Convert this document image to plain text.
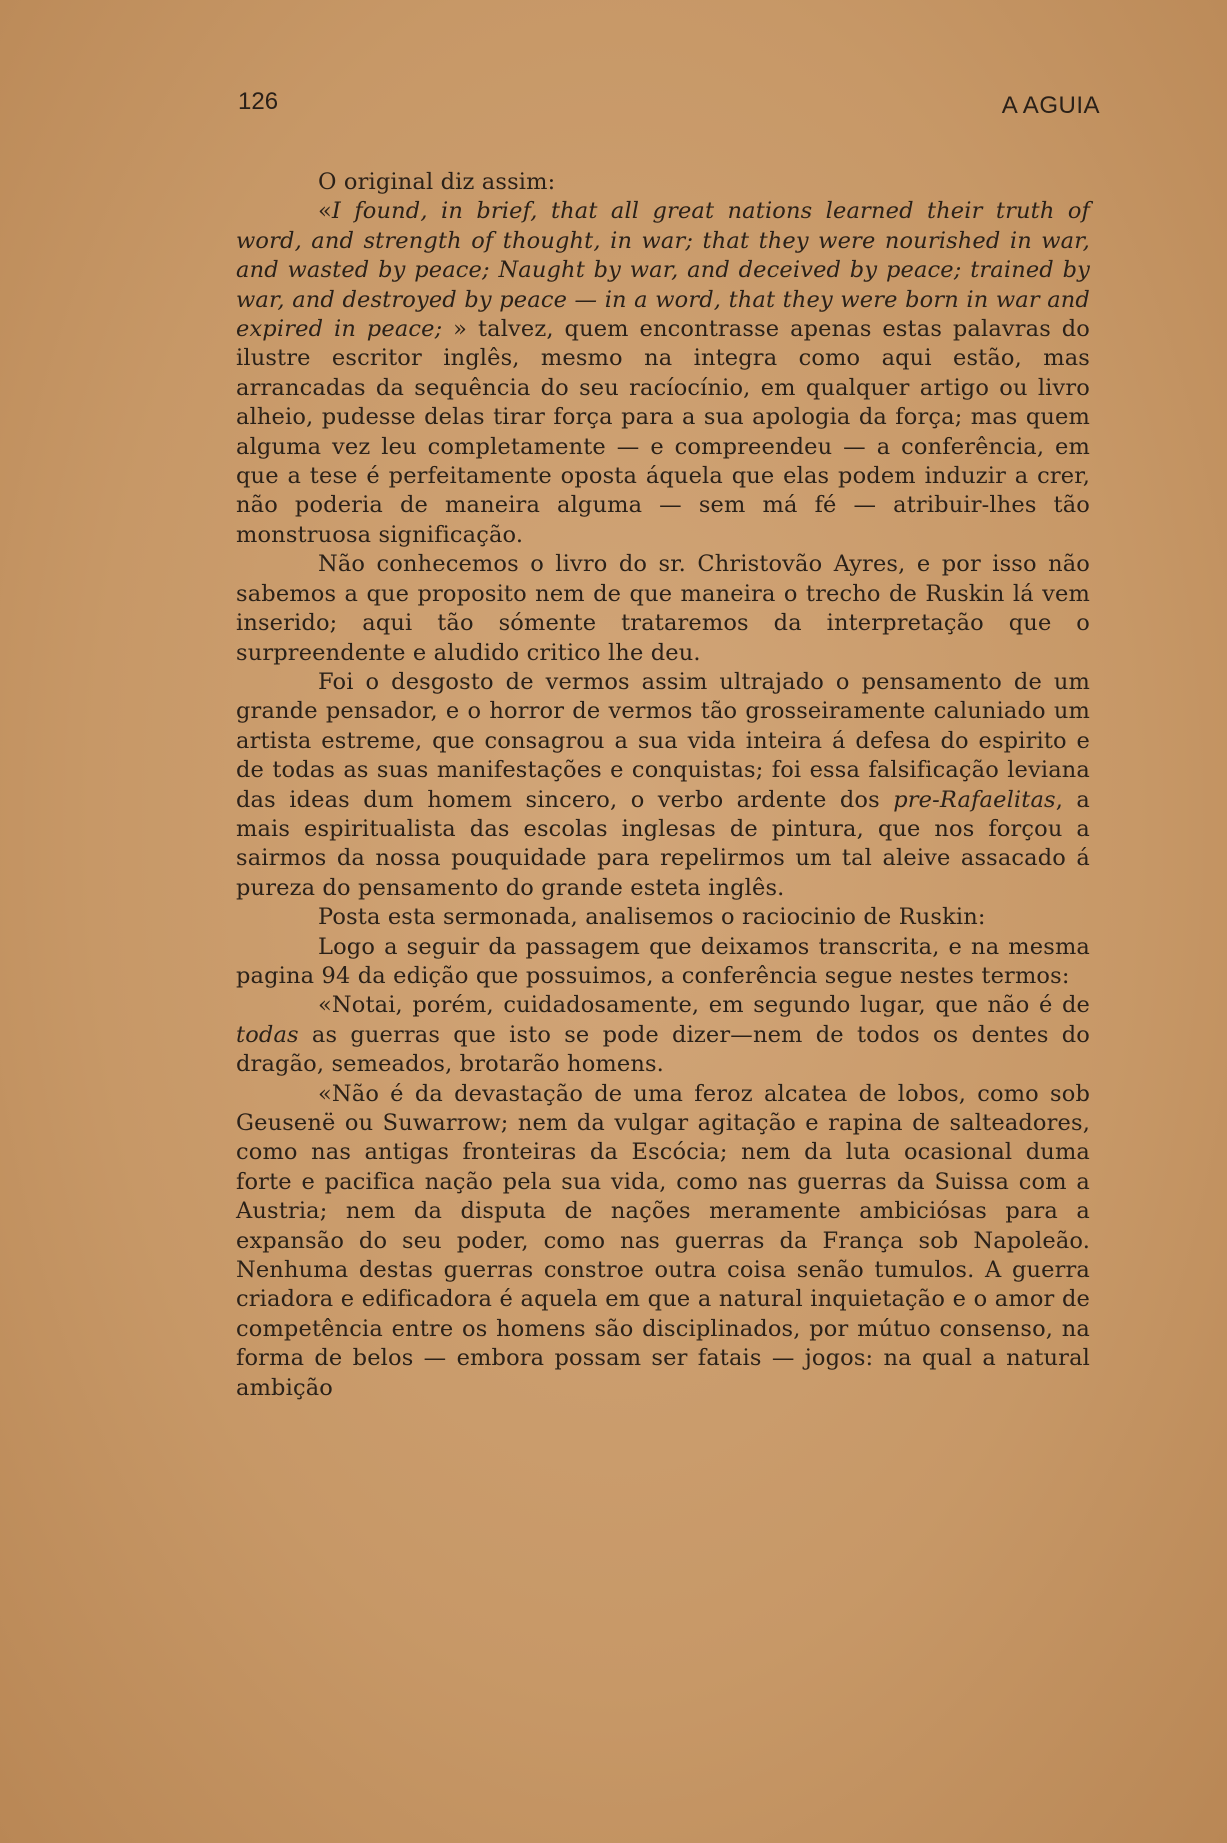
126	A AGUIA

O original diz assim:

«I found, in brief, that all great nations learned their truth of word, and strength of thought, in war; that they were nourished in war, and wasted by peace; Naught by war, and deceived by peace; trained by war, and destroyed by peace — in a word, that they were born in war and expired in peace; » talvez, quem encontrasse apenas estas palavras do ilustre escritor inglês, mesmo na integra como aqui estão, mas arrancadas da sequência do seu racíocínio, em qualquer artigo ou livro alheio, pudesse delas tirar força para a sua apologia da força; mas quem alguma vez leu completamente — e compreendeu — a conferência, em que a tese é perfeitamente oposta áquela que elas podem induzir a crer, não poderia de maneira alguma — sem má fé — atribuir-lhes tão monstruosa significação.

Não conhecemos o livro do sr. Christovão Ayres, e por isso não sabemos a que proposito nem de que maneira o trecho de Ruskin lá vem inserido; aqui tão sómente trataremos da interpretação que o surpreendente e aludido critico lhe deu.

Foi o desgosto de vermos assim ultrajado o pensamento de um grande pensador, e o horror de vermos tão grosseiramente caluniado um artista estreme, que consagrou a sua vida inteira á defesa do espirito e de todas as suas manifestações e conquistas; foi essa falsificação leviana das ideas dum homem sincero, o verbo ardente dos pre-Rafaelitas, a mais espiritualista das escolas inglesas de pintura, que nos forçou a sairmos da nossa pouquidade para repelirmos um tal aleive assacado á pureza do pensamento do grande esteta inglês.

Posta esta sermonada, analisemos o raciocinio de Ruskin:

Logo a seguir da passagem que deixamos transcrita, e na mesma pagina 94 da edição que possuimos, a conferência segue nestes termos:

«Notai, porém, cuidadosamente, em segundo lugar, que não é de todas as guerras que isto se pode dizer—nem de todos os dentes do dragão, semeados, brotarão homens.

«Não é da devastação de uma feroz alcatea de lobos, como sob Geusenë ou Suwarrow; nem da vulgar agitação e rapina de salteadores, como nas antigas fronteiras da Escócia; nem da luta ocasional duma forte e pacifica nação pela sua vida, como nas guerras da Suissa com a Austria; nem da disputa de nações meramente ambiciósas para a expansão do seu poder, como nas guerras da França sob Napoleão. Nenhuma destas guerras constroe outra coisa senão tumulos. A guerra criadora e edificadora é aquela em que a natural inquietação e o amor de competência entre os homens são disciplinados, por mútuo consenso, na forma de belos — embora possam ser fatais — jogos: na qual a natural ambição
